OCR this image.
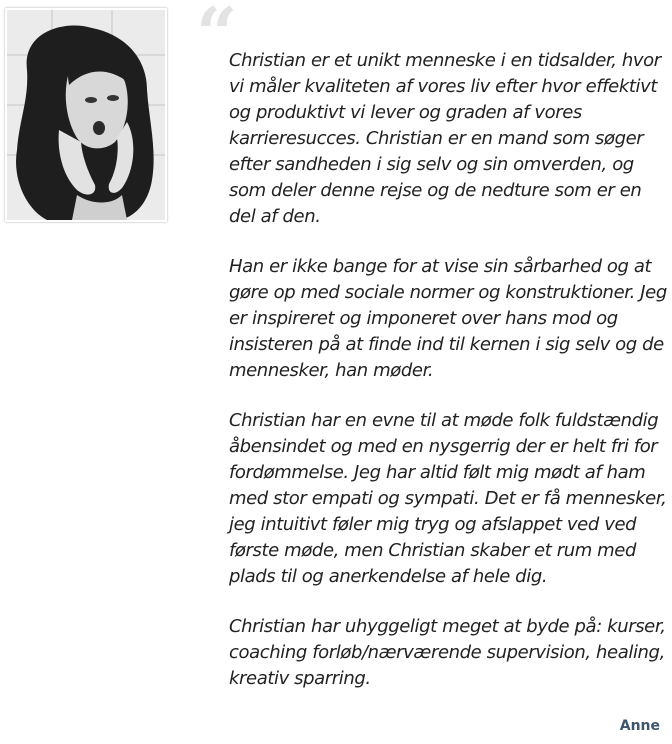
“

Christian er et unikt menneske i en tidsalder, hvor vi måler kvaliteten af vores liv efter hvor effektivt og produktivt vi lever og graden af vores karrieresucces. Christian er en mand som søger efter sandheden i sig selv og sin omverden, og som deler denne rejse og de nedture som er en del af den.

Han er ikke bange for at vise sin sårbarhed og at gøre op med sociale normer og konstruktioner. Jeg er inspireret og imponeret over hans mod og insisteren på at finde ind til kernen i sig selv og de mennesker, han møder.

Christian har en evne til at møde folk fuldstændig åbensindet og med en nysgerrig der er helt fri for fordømmelse. Jeg har altid følt mig mødt af ham med stor empati og sympati. Det er få mennesker, jeg intuitivt føler mig tryg og afslappet ved ved første møde, men Christian skaber et rum med plads til og anerkendelse af hele dig.

Christian har uhyggeligt meget at byde på: kurser, coaching forløb/nærværende supervision, healing, kreativ sparring.

Anne
